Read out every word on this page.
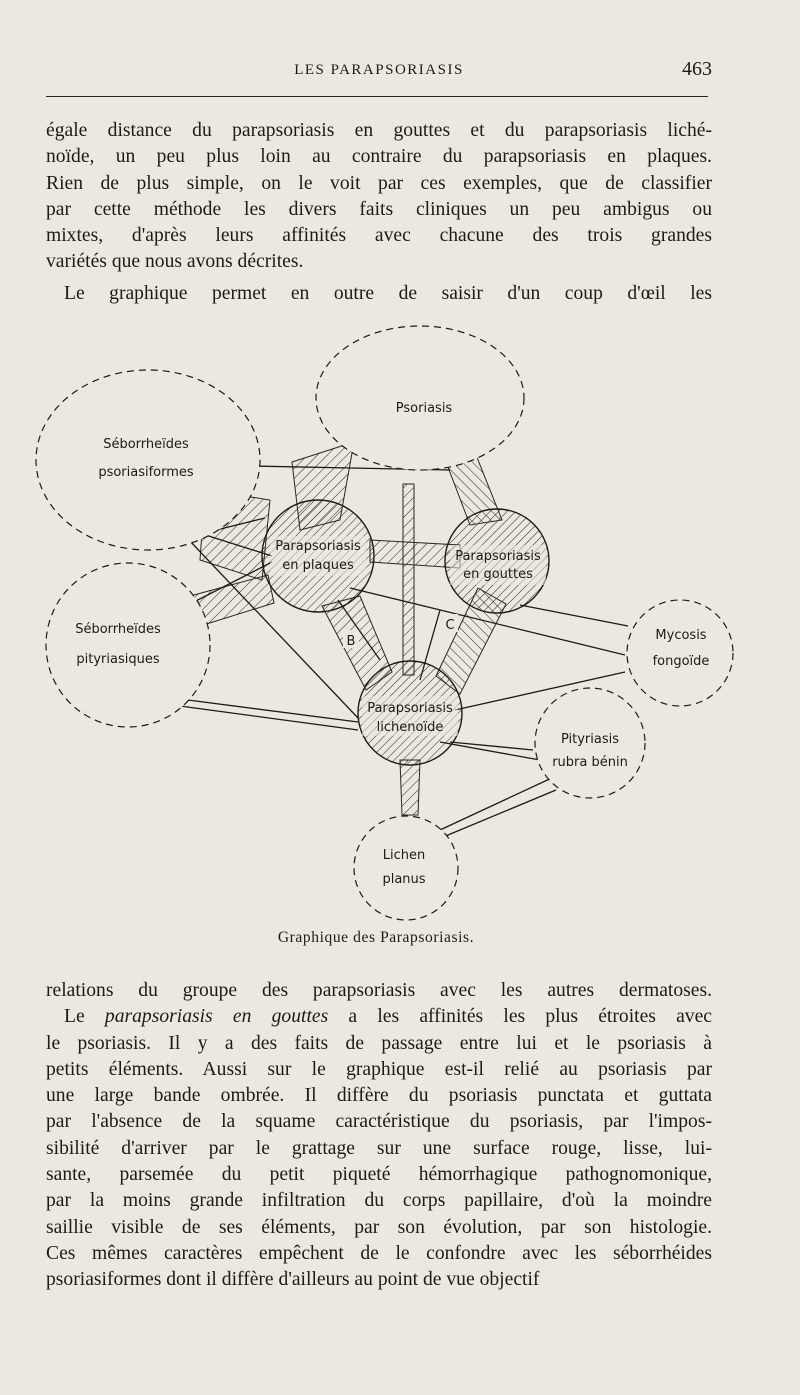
LES PARAPSORIASIS	463
égale distance du parapsoriasis en gouttes et du parapsoriasis liché-
noïde, un peu plus loin au contraire du parapsoriasis en plaques.
Rien de plus simple, on le voit par ces exemples, que de classifier
par cette méthode les divers faits cliniques un peu ambigus ou
mixtes, d'après leurs affinités avec chacune des trois grandes
variétés que nous avons décrites.
Le graphique permet en outre de saisir d'un coup d'œil les
Psoriasis
Séborrheïdes
psoriasiformes
Séborrheïdes
pityriasiques
Parapsoriasis
en plaques
Parapsoriasis
en gouttes
Parapsoriasis
lichenoïde
Mycosis
fongoïde
Pityriasis
rubra bénin
Lichen
planus
B
C
Graphique des Parapsoriasis.
relations du groupe des parapsoriasis avec les autres dermatoses.
Le parapsoriasis en gouttes a les affinités les plus étroites avec
le psoriasis. Il y a des faits de passage entre lui et le psoriasis à
petits éléments. Aussi sur le graphique est-il relié au psoriasis par
une large bande ombrée. Il diffère du psoriasis punctata et guttata
par l'absence de la squame caractéristique du psoriasis, par l'impos-
sibilité d'arriver par le grattage sur une surface rouge, lisse, lui-
sante, parsemée du petit piqueté hémorrhagique pathognomonique,
par la moins grande infiltration du corps papillaire, d'où la moindre
saillie visible de ses éléments, par son évolution, par son histologie.
Ces mêmes caractères empêchent de le confondre avec les séborrhéides
psoriasiformes dont il diffère d'ailleurs au point de vue objectif
